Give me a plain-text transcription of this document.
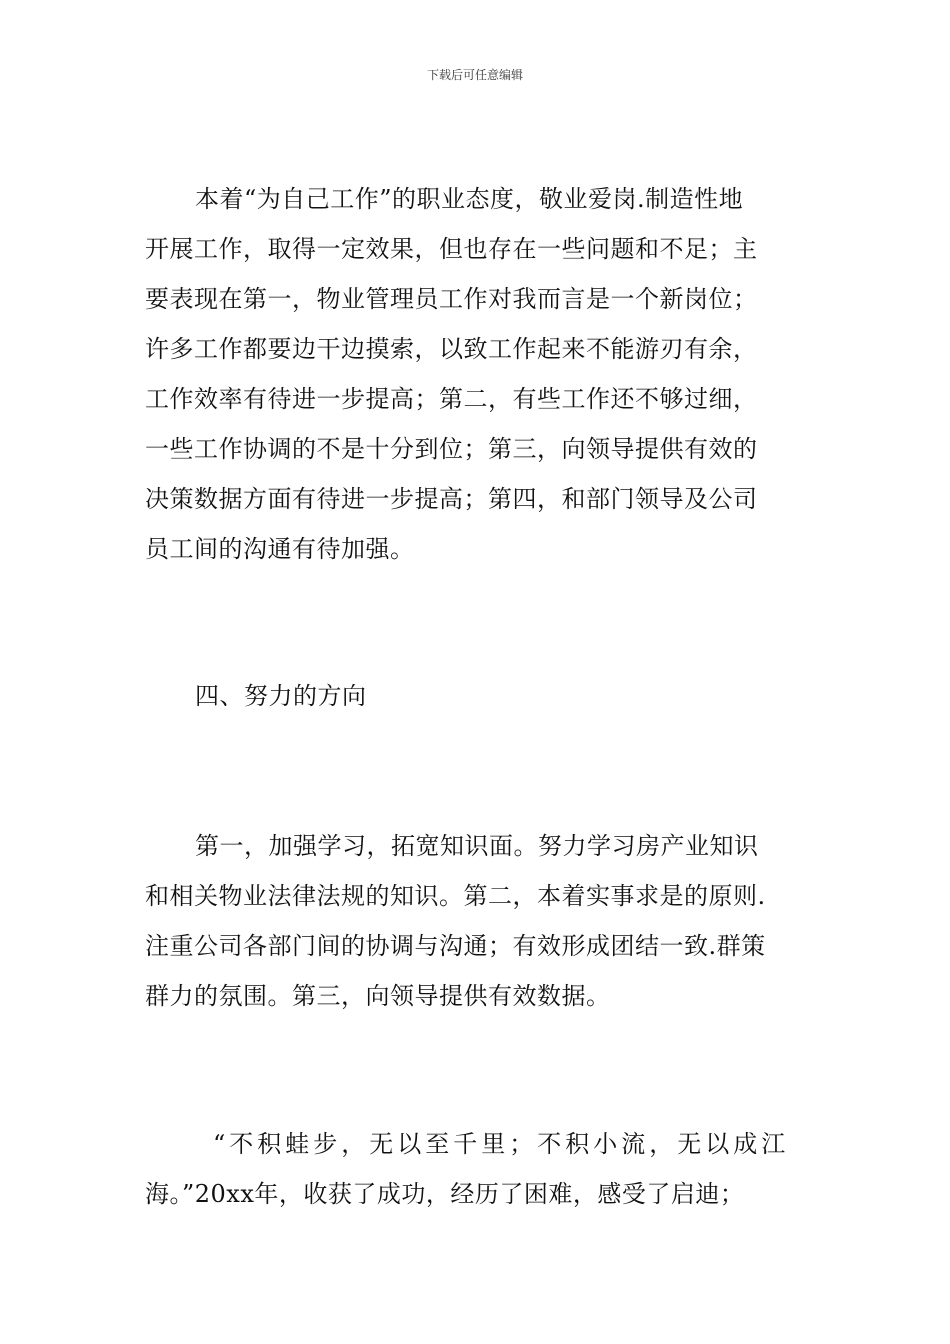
下载后可任意编辑
本着“为自己工作”的职业态度，敬业爱岗.制造性地
开展工作，取得一定效果，但也存在一些问题和不足；主
要表现在第一，物业管理员工作对我而言是一个新岗位；
许多工作都要边干边摸索，以致工作起来不能游刃有余，
工作效率有待进一步提高；第二，有些工作还不够过细，
一些工作协调的不是十分到位；第三，向领导提供有效的
决策数据方面有待进一步提高；第四，和部门领导及公司
员工间的沟通有待加强。
四、努力的方向
第一，加强学习，拓宽知识面。努力学习房产业知识
和相关物业法律法规的知识。第二，本着实事求是的原则.
注重公司各部门间的协调与沟通；有效形成团结一致.群策
群力的氛围。第三，向领导提供有效数据。
“不积蛙步，无以至千里；不积小流，无以成江
海。”20xx年，收获了成功，经历了困难，感受了启迪；
